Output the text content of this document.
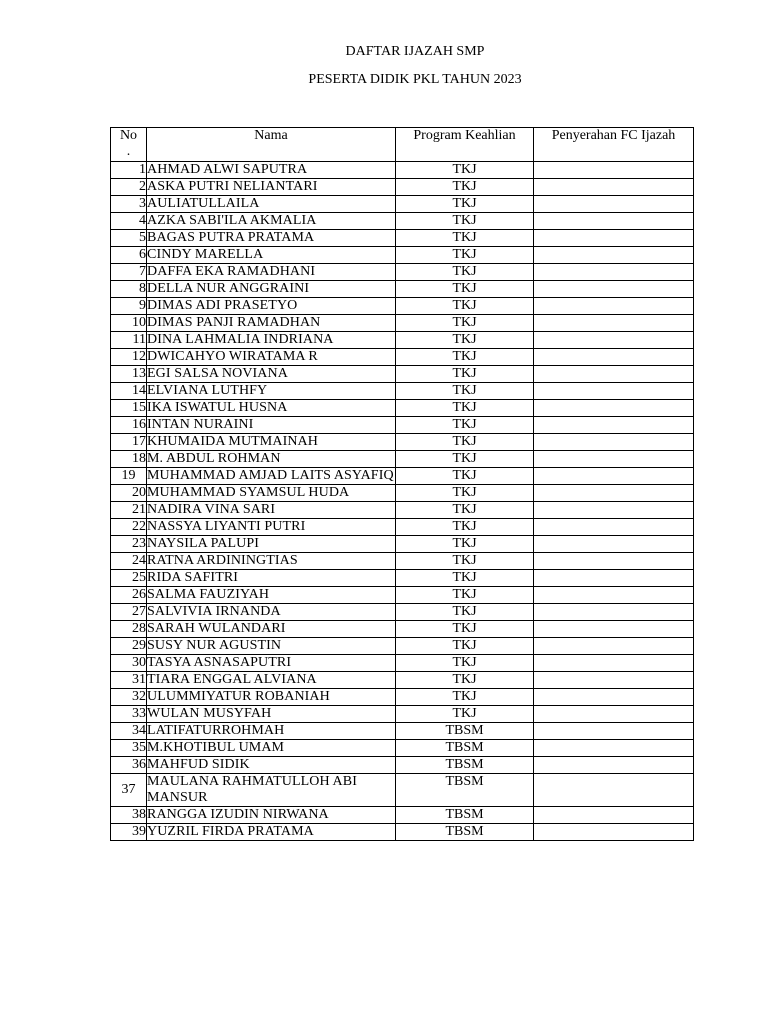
DAFTAR IJAZAH SMP
PESERTA DIDIK PKL TAHUN 2023
No
.	Nama	Program Keahlian	Penyerahan FC Ijazah
1	AHMAD ALWI SAPUTRA	TKJ	
2	ASKA PUTRI NELIANTARI	TKJ	
3	AULIATULLAILA	TKJ	
4	AZKA SABI'ILA AKMALIA	TKJ	
5	BAGAS PUTRA PRATAMA	TKJ	
6	CINDY MARELLA	TKJ	
7	DAFFA EKA RAMADHANI	TKJ	
8	DELLA NUR ANGGRAINI	TKJ	
9	DIMAS ADI PRASETYO	TKJ	
10	DIMAS PANJI RAMADHAN	TKJ	
11	DINA LAHMALIA INDRIANA	TKJ	
12	DWICAHYO WIRATAMA R	TKJ	
13	EGI SALSA NOVIANA	TKJ	
14	ELVIANA LUTHFY	TKJ	
15	IKA ISWATUL HUSNA	TKJ	
16	INTAN NURAINI	TKJ	
17	KHUMAIDA MUTMAINAH	TKJ	
18	M. ABDUL ROHMAN	TKJ	
19	MUHAMMAD AMJAD LAITS ASYAFIQ	TKJ	
20	MUHAMMAD SYAMSUL HUDA	TKJ	
21	NADIRA VINA SARI	TKJ	
22	NASSYA LIYANTI PUTRI	TKJ	
23	NAYSILA PALUPI	TKJ	
24	RATNA ARDININGTIAS	TKJ	
25	RIDA SAFITRI	TKJ	
26	SALMA FAUZIYAH	TKJ	
27	SALVIVIA IRNANDA	TKJ	
28	SARAH WULANDARI	TKJ	
29	SUSY NUR AGUSTIN	TKJ	
30	TASYA ASNASAPUTRI	TKJ	
31	TIARA ENGGAL ALVIANA	TKJ	
32	ULUMMIYATUR ROBANIAH	TKJ	
33	WULAN MUSYFAH	TKJ	
34	LATIFATURROHMAH	TBSM	
35	M.KHOTIBUL UMAM	TBSM	
36	MAHFUD SIDIK	TBSM	
37	MAULANA RAHMATULLOH ABI MANSUR	TBSM	
38	RANGGA IZUDIN NIRWANA	TBSM	
39	YUZRIL FIRDA PRATAMA	TBSM	
